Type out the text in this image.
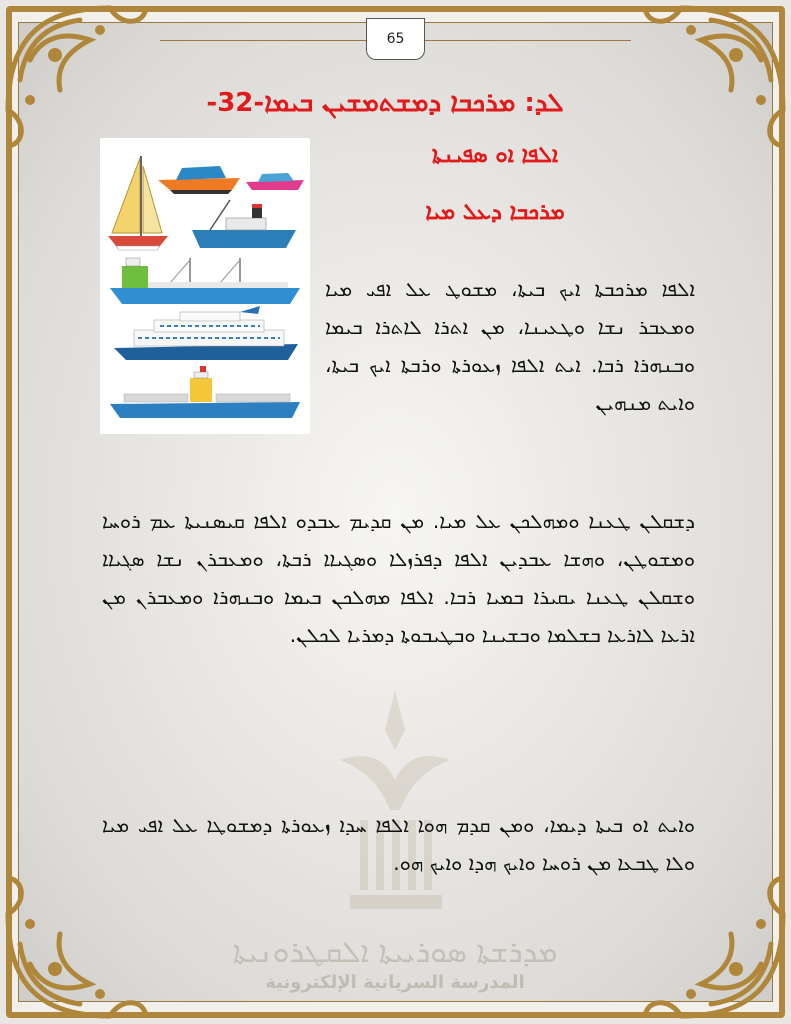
65
ܡܕܪܫܬܐ ܣܘܪܝܝܬܐ ܐܠܩܛܪܘܢܝܬܐ
المدرسة السريانية الإلكترونية
ܠܕ: ܡܪܟܒܐ ܕܡܫܬܡܫܝܢ ܒܝܡܐ-32-
ܐܠܦܐ ܐܘ ܣܦܝܢܬܐ
ܡܪܟܒܐ ܕܥܠ ܡܝܐ

ܐܠܦܐ ܡܪܟܒܬܐ ܐܝܟ ܒܝܬܐ، ܡܫܘܛ ܥܠ ܐܦܝ ܡܝܐ ܘܡܥܒܪ ܢܫܐ ܘܛܥܝܢܐ، ܡܢ ܐܬܪܐ ܠܐܬܪܐ ܒܝܡܐ ܘܒܢܗܪܐ ܪܒܐ. ܐܝܬ ܐܠܦܐ ܙܥܘܪܬܐ ܘܪܒܬܐ ܐܝܟ ܒܝܬܐ، ܘܐܝܬ ܡܢܗܝܢ

ܕܫܩܠܢ ܛܥܢܐ ܘܡܗܠܟܢ ܥܠ ܡܝܐ. ܡܢ ܩܕܝܡ ܥܒܕܘ ܐܠܦܐ ܩܝܣܢܝܬܐ ܥܡ ܪܘܚܐ ܘܡܫܘܛܢ، ܘܗܫܐ ܥܒܕܝܢ ܐܠܦܐ ܕܦܪܙܠܐ ܘܣܓܝܐܐ ܪܒܬܐ، ܘܡܥܒܪܢ ܢܫܐ ܣܓܝܐܐ ܘܫܩܠܢ ܛܥܢܐ ܝܩܝܪܐ ܒܡܝܐ ܪܒܐ. ܐܠܦܐ ܡܗܠܟܢ ܒܝܡܐ ܘܒܢܗܪܐ ܘܡܥܒܪܢ ܡܢ ܐܪܥܐ ܠܐܪܥܐ ܒܫܠܡܐ ܘܒܫܝܢܐ ܘܒܛܝܒܘܬܐ ܕܡܪܝܐ ܠܟܠܢ.

ܘܐܝܬ ܐܘ ܒܝܬܐ ܕܝܡܐ، ܘܡܢ ܩܕܡ ܗܘܐ ܐܠܦܐ ܚܕܐ ܙܥܘܪܬܐ ܕܡܫܘܛܐ ܥܠ ܐܦܝ ܡܝܐ ܘܠܐ ܛܒܥܐ ܡܢ ܪܘܚܐ ܘܐܝܟ ܗܕܐ ܘܐܝܟ ܗܘ.
